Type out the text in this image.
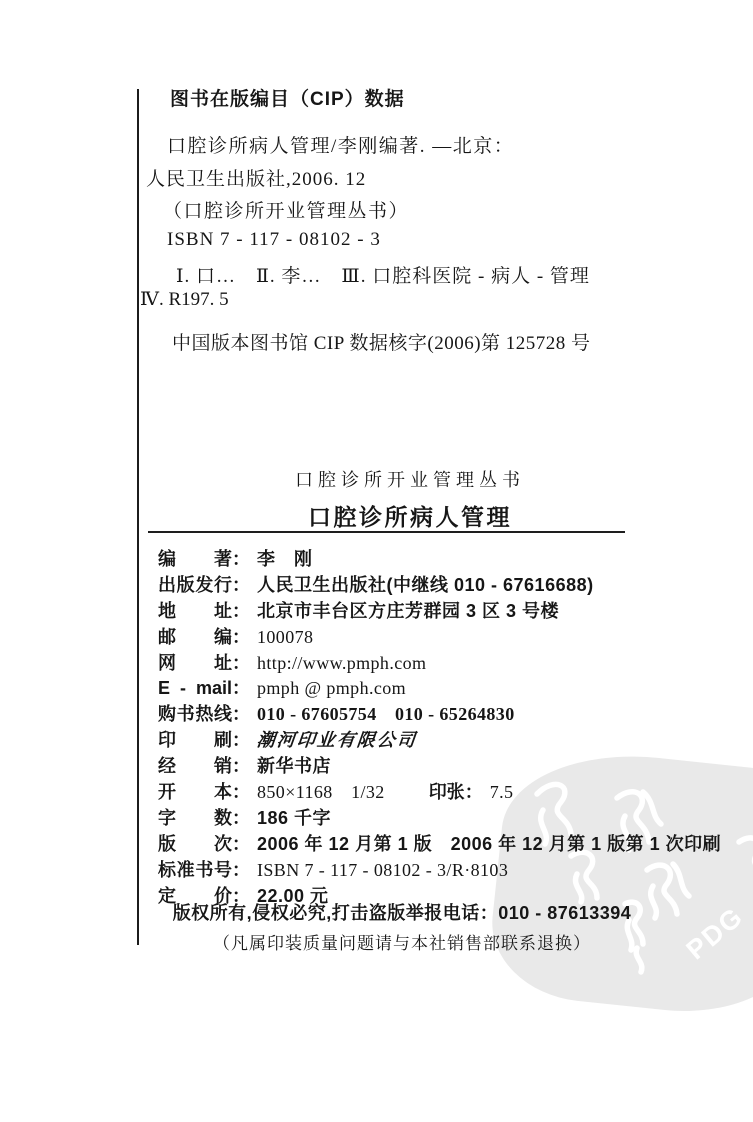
PDG
图书在版编目（CIP）数据
口腔诊所病人管理/李刚编著. —北京：
人民卫生出版社,2006. 12
（口腔诊所开业管理丛书）
ISBN 7 - 117 - 08102 - 3
Ⅰ. 口…　Ⅱ. 李…　Ⅲ. 口腔科医院 - 病人 - 管理
Ⅳ. R197. 5
中国版本图书馆 CIP 数据核字(2006)第 125728 号
口腔诊所开业管理丛书
口腔诊所病人管理
编著 ： 李　刚
出版发行 ： 人民卫生出版社(中继线 010 - 67616688)
地址 ： 北京市丰台区方庄芳群园 3 区 3 号楼
邮编 ： 100078
网址 ： http://www.pmph.com
E - mail ： pmph @ pmph.com
购书热线 ： 010 - 67605754　010 - 65264830
印刷 ： 潮河印业有限公司
经销 ： 新华书店
开本 ： 850×1168　1/32 印张 ： 7.5
字数 ： 186 千字
版次 ： 2006 年 12 月第 1 版　2006 年 12 月第 1 版第 1 次印刷
标准书号 ： ISBN 7 - 117 - 08102 - 3/R·8103
定价 ： 22.00 元
版权所有,侵权必究,打击盗版举报电话：010 - 87613394
（凡属印装质量问题请与本社销售部联系退换）
